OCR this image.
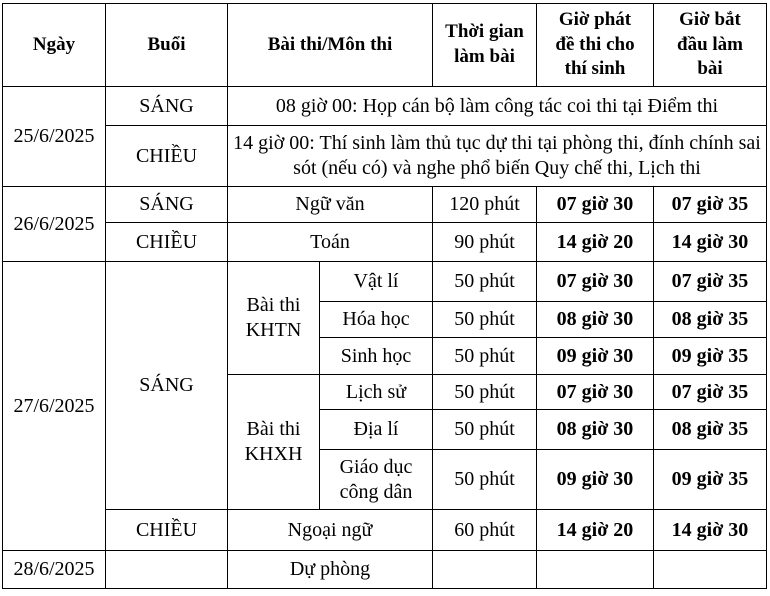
Ngày	Buổi	Bài thi/Môn thi		Thời gian làm bài	Giờ phát đề thi cho thí sinh	Giờ bắt đầu làm bài
25/6/2025	SÁNG	08 giờ 00: Họp cán bộ làm công tác coi thi tại Điểm thi				
	CHIỀU	14 giờ 00: Thí sinh làm thủ tục dự thi tại phòng thi, đính chính sai sót (nếu có) và nghe phổ biến Quy chế thi, Lịch thi				
26/6/2025	SÁNG	Ngữ văn		120 phút	07 giờ 30	07 giờ 35
	CHIỀU	Toán		90 phút	14 giờ 20	14 giờ 30
27/6/2025	SÁNG	Bài thi KHTN	Vật lí	50 phút	07 giờ 30	07 giờ 35
			Hóa học	50 phút	08 giờ 30	08 giờ 35
			Sinh học	50 phút	09 giờ 30	09 giờ 35
		Bài thi KHXH	Lịch sử	50 phút	07 giờ 30	07 giờ 35
			Địa lí	50 phút	08 giờ 30	08 giờ 35
			Giáo dục công dân	50 phút	09 giờ 30	09 giờ 35
	CHIỀU	Ngoại ngữ		60 phút	14 giờ 20	14 giờ 30
28/6/2025		Dự phòng				
